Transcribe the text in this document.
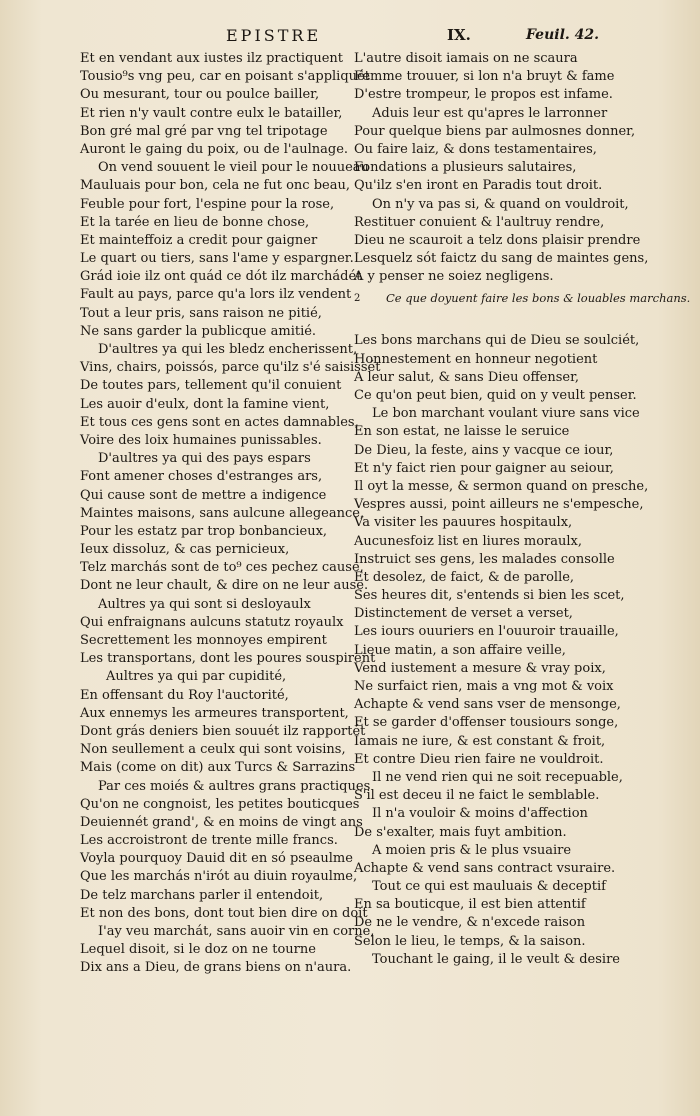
EPISTRE	IX.	Feuil. 42.
Et en vendant aux iustes ilz practiquent
Tousio⁹s vng peu, car en poisant s'appliquét
Ou mesurant, tour ou poulce bailler,
Et rien n'y vault contre eulx le batailler,
Bon gré mal gré par vng tel tripotage
Auront le gaing du poix, ou de l'aulnage.
On vend souuent le vieil pour le nouueau
Mauluais pour bon, cela ne fut onc beau,
Feuble pour fort, l'espine pour la rose,
Et la tarée en lieu de bonne chose,
Et mainteffoiz a credit pour gaigner
Le quart ou tiers, sans l'ame y espargner.
Grád ioie ilz ont quád ce dót ilz marchádét
Fault au pays, parce qu'a lors ilz vendent
Tout a leur pris, sans raison ne pitié,
Ne sans garder la publicque amitié.
D'aultres ya qui les bledz encherissent,
Vins, chairs, poissós, parce qu'ilz s'é saisissét
De toutes pars, tellement qu'il conuient
Les auoir d'eulx, dont la famine vient,
Et tous ces gens sont en actes damnables,
Voire des loix humaines punissables.
D'aultres ya qui des pays espars
Font amener choses d'estranges ars,
Qui cause sont de mettre a indigence
Maintes maisons, sans aulcune allegeance,
Pour les estatz par trop bonbancieux,
Ieux dissoluz, & cas pernicieux,
Telz marchás sont de to⁹ ces pechez cause,
Dont ne leur chault, & dire on ne leur ause.
Aultres ya qui sont si desloyaulx
Qui enfraignans aulcuns statutz royaulx
Secrettement les monnoyes empirent
Les transportans, dont les poures souspirent
Aultres ya qui par cupidité,
En offensant du Roy l'auctorité,
Aux ennemys les armeures transportent,
Dont grás deniers bien souuét ilz rapportét
Non seullement a ceulx qui sont voisins,
Mais (come on dit) aux Turcs & Sarrazins
Par ces moiés & aultres grans practiques
Qu'on ne congnoist, les petites bouticques
Deuiennét grand', & en moins de vingt ans
Les accroistront de trente mille francs.
Voyla pourquoy Dauid dit en só pseaulme
Que les marchás n'irót au diuin royaulme,
De telz marchans parler il entendoit,
Et non des bons, dont tout bien dire on doit
I'ay veu marchát, sans auoir vin en corne,
Lequel disoit, si le doz on ne tourne
Dix ans a Dieu, de grans biens on n'aura.
L'autre disoit iamais on ne scaura
Femme trouuer, si lon n'a bruyt & fame
D'estre trompeur, le propos est infame.
Aduis leur est qu'apres le larronner
Pour quelque biens par aulmosnes donner,
Ou faire laiz, & dons testamentaires,
Fondations a plusieurs salutaires,
Qu'ilz s'en iront en Paradis tout droit.
On n'y va pas si, & quand on vouldroit,
Restituer conuient & l'aultruy rendre,
Dieu ne scauroit a telz dons plaisir prendre
Lesquelz sót faictz du sang de maintes gens,
A y penser ne soiez negligens.
2 Ce que doyuent faire les bons & louables marchans.
Les bons marchans qui de Dieu se soulciét,
Honnestement en honneur negotient
A leur salut, & sans Dieu offenser,
Ce qu'on peut bien, quid on y veult penser.
Le bon marchant voulant viure sans vice
En son estat, ne laisse le seruice
De Dieu, la feste, ains y vacque ce iour,
Et n'y faict rien pour gaigner au seiour,
Il oyt la messe, & sermon quand on presche,
Vespres aussi, point ailleurs ne s'empesche,
Va visiter les pauures hospitaulx,
Aucunesfoiz list en liures moraulx,
Instruict ses gens, les malades consolle
Et desolez, de faict, & de parolle,
Ses heures dit, s'entends si bien les scet,
Distinctement de verset a verset,
Les iours ouuriers en l'ouuroir trauaille,
Lieue matin, a son affaire veille,
Vend iustement a mesure & vray poix,
Ne surfaict rien, mais a vng mot & voix
Achapte & vend sans vser de mensonge,
Et se garder d'offenser tousiours songe,
Iamais ne iure, & est constant & froit,
Et contre Dieu rien faire ne vouldroit.
Il ne vend rien qui ne soit recepuable,
S'il est deceu il ne faict le semblable.
Il n'a vouloir & moins d'affection
De s'exalter, mais fuyt ambition.
A moien pris & le plus vsuaire
Achapte & vend sans contract vsuraire.
Tout ce qui est mauluais & deceptif
En sa bouticque, il est bien attentif
De ne le vendre, & n'excede raison
Selon le lieu, le temps, & la saison.
Touchant le gaing, il le veult & desire
